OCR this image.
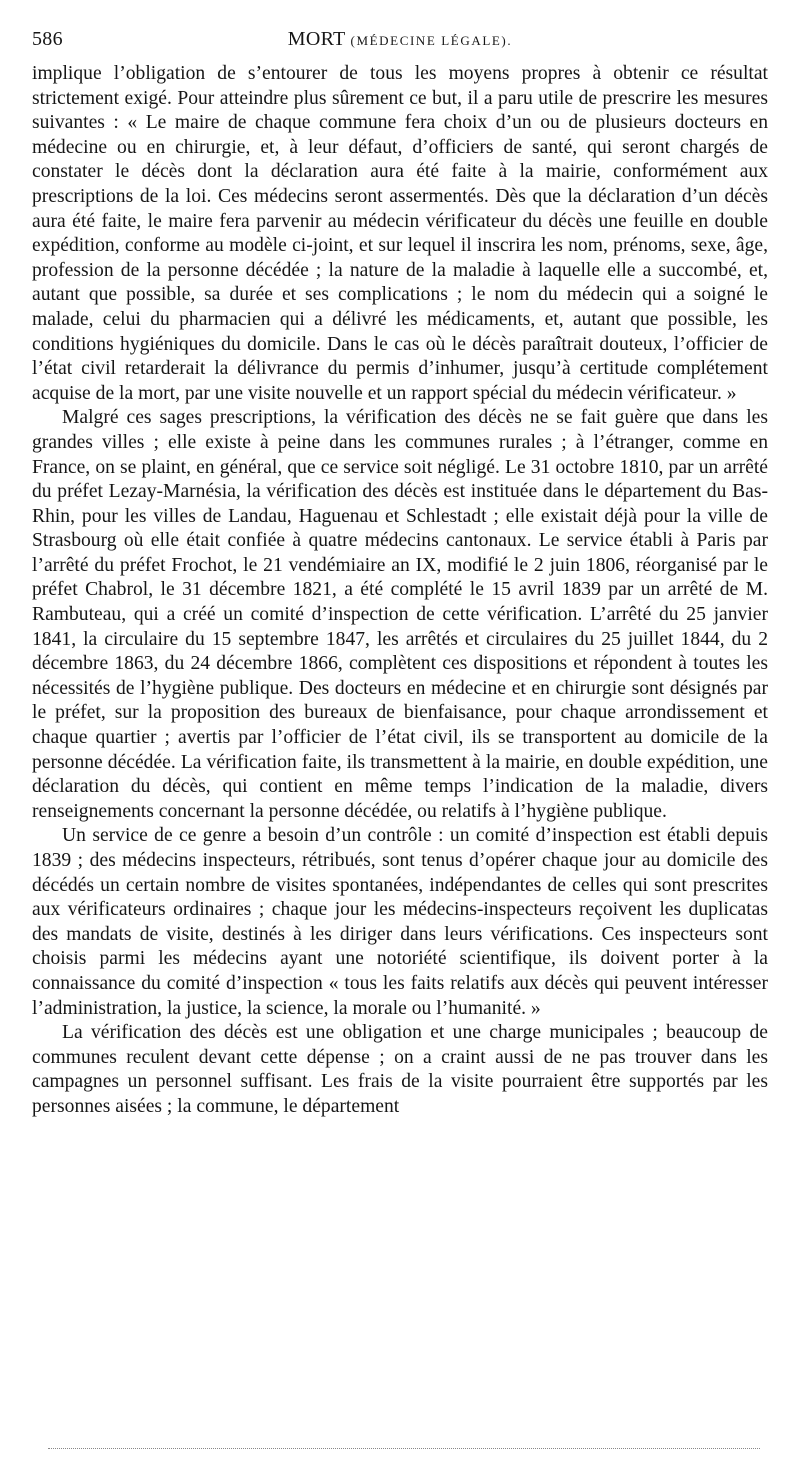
586	MORT (MÉDECINE LÉGALE).

implique l’obligation de s’entourer de tous les moyens propres à obtenir ce résultat strictement exigé. Pour atteindre plus sûrement ce but, il a paru utile de prescrire les mesures suivantes : « Le maire de chaque commune fera choix d’un ou de plusieurs docteurs en médecine ou en chirurgie, et, à leur défaut, d’officiers de santé, qui seront chargés de constater le décès dont la déclaration aura été faite à la mairie, conformément aux prescriptions de la loi. Ces médecins seront assermentés. Dès que la déclaration d’un décès aura été faite, le maire fera parvenir au médecin vérificateur du décès une feuille en double expédition, conforme au modèle ci-joint, et sur lequel il inscrira les nom, prénoms, sexe, âge, profession de la personne décédée ; la nature de la maladie à laquelle elle a succombé, et, autant que possible, sa durée et ses complications ; le nom du médecin qui a soigné le malade, celui du pharmacien qui a délivré les médicaments, et, autant que possible, les conditions hygiéniques du domicile. Dans le cas où le décès paraîtrait douteux, l’officier de l’état civil retarderait la délivrance du permis d’inhumer, jusqu’à certitude complétement acquise de la mort, par une visite nouvelle et un rapport spécial du médecin vérificateur. »

Malgré ces sages prescriptions, la vérification des décès ne se fait guère que dans les grandes villes ; elle existe à peine dans les communes rurales ; à l’étranger, comme en France, on se plaint, en général, que ce service soit négligé. Le 31 octobre 1810, par un arrêté du préfet Lezay-Marnésia, la vérification des décès est instituée dans le département du Bas-Rhin, pour les villes de Landau, Haguenau et Schlestadt ; elle existait déjà pour la ville de Strasbourg où elle était confiée à quatre médecins cantonaux. Le service établi à Paris par l’arrêté du préfet Frochot, le 21 vendémiaire an IX, modifié le 2 juin 1806, réorganisé par le préfet Chabrol, le 31 décembre 1821, a été complété le 15 avril 1839 par un arrêté de M. Rambuteau, qui a créé un comité d’inspection de cette vérification. L’arrêté du 25 janvier 1841, la circulaire du 15 septembre 1847, les arrêtés et circulaires du 25 juillet 1844, du 2 décembre 1863, du 24 décembre 1866, complètent ces dispositions et répondent à toutes les nécessités de l’hygiène publique. Des docteurs en médecine et en chirurgie sont désignés par le préfet, sur la proposition des bureaux de bienfaisance, pour chaque arrondissement et chaque quartier ; avertis par l’officier de l’état civil, ils se transportent au domicile de la personne décédée. La vérification faite, ils transmettent à la mairie, en double expédition, une déclaration du décès, qui contient en même temps l’indication de la maladie, divers renseignements concernant la personne décédée, ou relatifs à l’hygiène publique.

Un service de ce genre a besoin d’un contrôle : un comité d’inspection est établi depuis 1839 ; des médecins inspecteurs, rétribués, sont tenus d’opérer chaque jour au domicile des décédés un certain nombre de visites spontanées, indépendantes de celles qui sont prescrites aux vérificateurs ordinaires ; chaque jour les médecins-inspecteurs reçoivent les duplicatas des mandats de visite, destinés à les diriger dans leurs vérifications. Ces inspecteurs sont choisis parmi les médecins ayant une notoriété scientifique, ils doivent porter à la connaissance du comité d’inspection « tous les faits relatifs aux décès qui peuvent intéresser l’administration, la justice, la science, la morale ou l’humanité. »

La vérification des décès est une obligation et une charge municipales ; beaucoup de communes reculent devant cette dépense ; on a craint aussi de ne pas trouver dans les campagnes un personnel suffisant. Les frais de la visite pourraient être supportés par les personnes aisées ; la commune, le département
